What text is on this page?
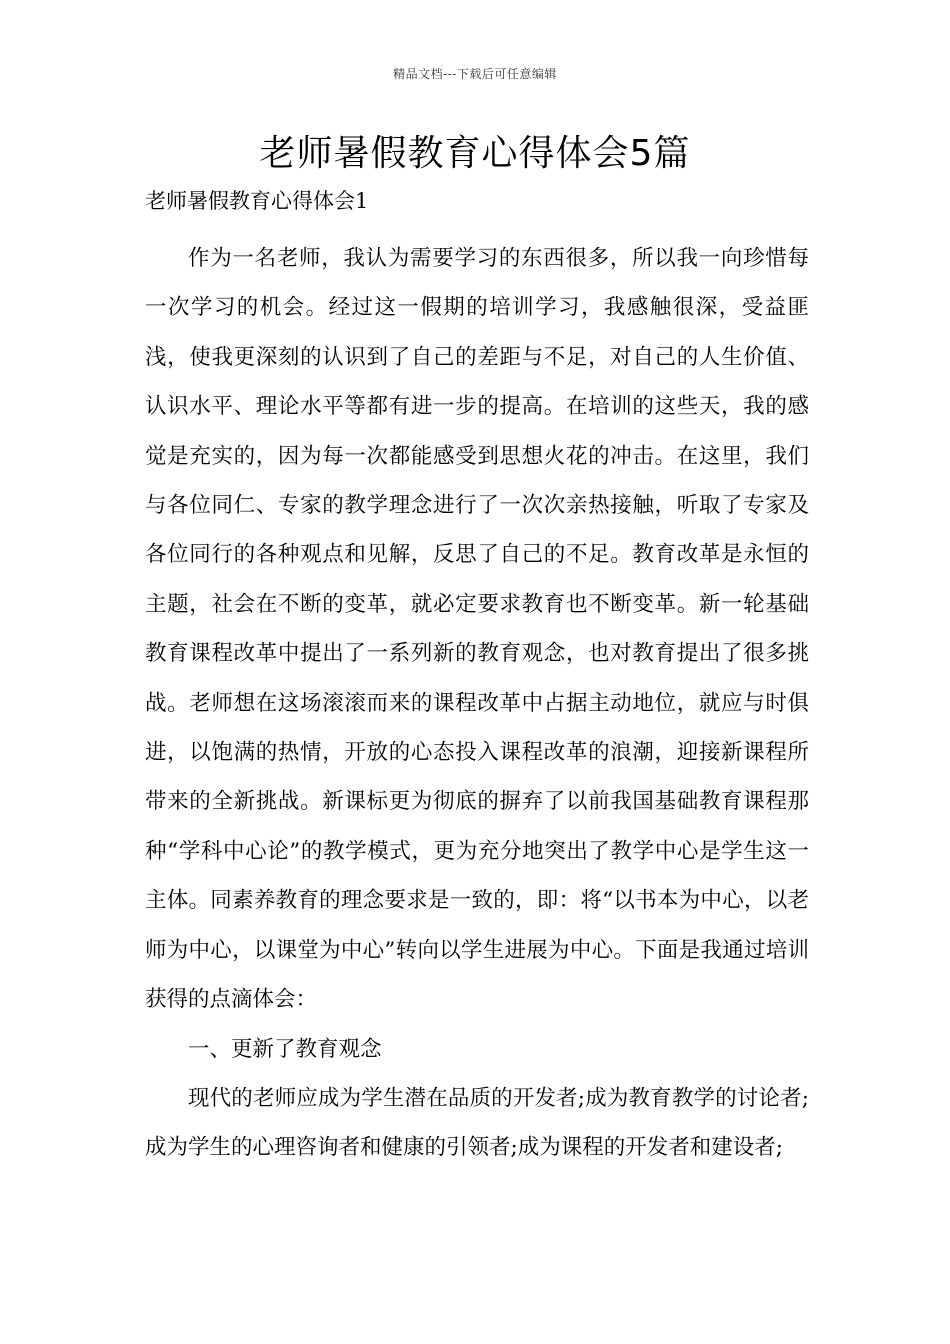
精品文档---下载后可任意编辑
老师暑假教育心得体会5篇
老师暑假教育心得体会1

作为一名老师，我认为需要学习的东西很多，所以我一向珍惜每一次学习的机会。经过这一假期的培训学习，我感触很深，受益匪浅，使我更深刻的认识到了自己的差距与不足，对自己的人生价值、认识水平、理论水平等都有进一步的提高。在培训的这些天，我的感觉是充实的，因为每一次都能感受到思想火花的冲击。在这里，我们与各位同仁、专家的教学理念进行了一次次亲热接触，听取了专家及各位同行的各种观点和见解，反思了自己的不足。教育改革是永恒的主题，社会在不断的变革，就必定要求教育也不断变革。新一轮基础教育课程改革中提出了一系列新的教育观念，也对教育提出了很多挑战。老师想在这场滚滚而来的课程改革中占据主动地位，就应与时俱进，以饱满的热情，开放的心态投入课程改革的浪潮，迎接新课程所带来的全新挑战。新课标更为彻底的摒弃了以前我国基础教育课程那种“学科中心论”的教学模式，更为充分地突出了教学中心是学生这一主体。同素养教育的理念要求是一致的，即：将“以书本为中心，以老师为中心，以课堂为中心”转向以学生进展为中心。下面是我通过培训获得的点滴体会：

一、更新了教育观念

现代的老师应成为学生潜在品质的开发者;成为教育教学的讨论者;成为学生的心理咨询者和健康的引领者;成为课程的开发者和建设者;
